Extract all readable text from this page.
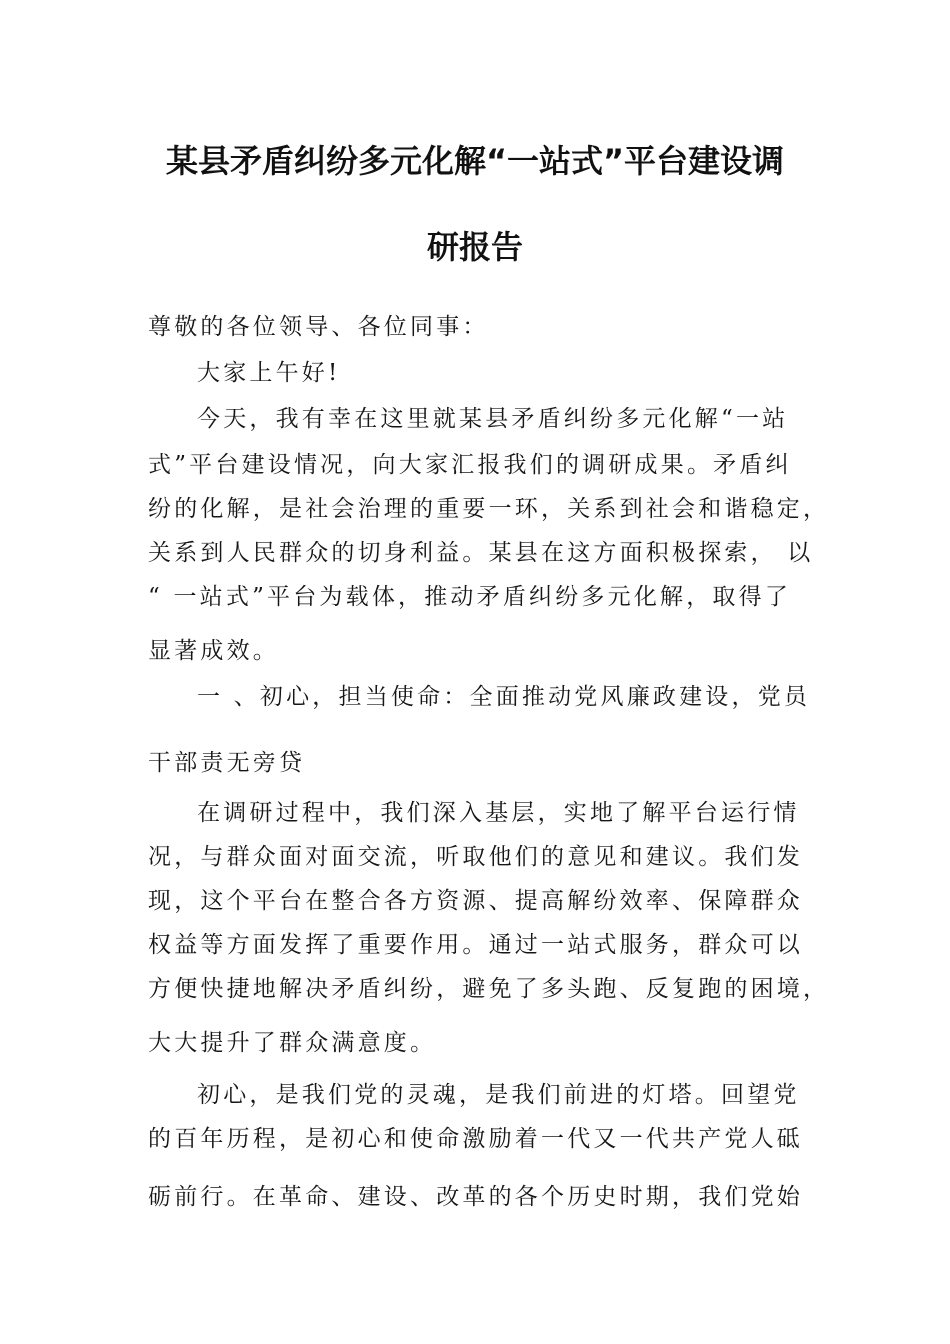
某县矛盾纠纷多元化解“一站式”平台建设调
研报告
尊敬的各位领导、各位同事：
大家上午好!
今天，我有幸在这里就某县矛盾纠纷多元化解“一站
式”平台建设情况，向大家汇报我们的调研成果。矛盾纠
纷的化解，是社会治理的重要一环，关系到社会和谐稳定，
关系到人民群众的切身利益。某县在这方面积极探索， 以
“ 一站式”平台为载体，推动矛盾纠纷多元化解，取得了
显著成效。
一 、初心，担当使命：全面推动党风廉政建设，党员
干部责无旁贷
在调研过程中，我们深入基层，实地了解平台运行情
况，与群众面对面交流，听取他们的意见和建议。我们发
现，这个平台在整合各方资源、提高解纷效率、保障群众
权益等方面发挥了重要作用。通过一站式服务，群众可以
方便快捷地解决矛盾纠纷，避免了多头跑、反复跑的困境，
大大提升了群众满意度。
初心，是我们党的灵魂，是我们前进的灯塔。回望党
的百年历程，是初心和使命激励着一代又一代共产党人砥
砺前行。在革命、建设、改革的各个历史时期，我们党始
